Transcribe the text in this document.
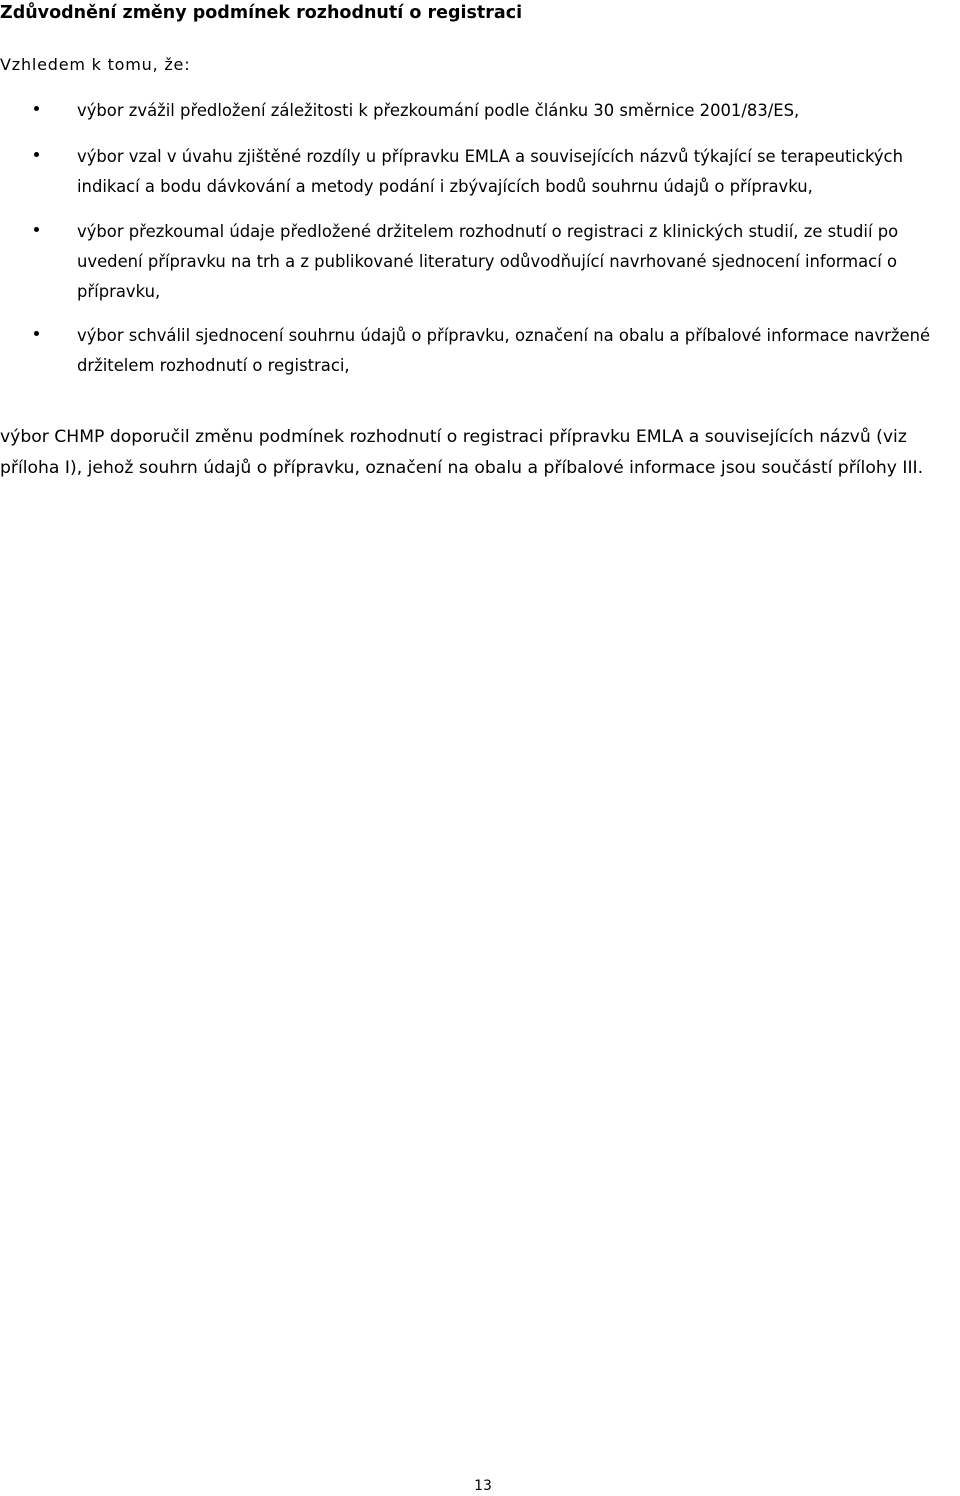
Zdůvodnění změny podmínek rozhodnutí o registraci

Vzhledem k tomu, že:

výbor zvážil předložení záležitosti k přezkoumání podle článku 30 směrnice 2001/83/ES,
výbor vzal v úvahu zjištěné rozdíly u přípravku EMLA a souvisejících názvů týkající se terapeutických indikací a bodu dávkování a metody podání i zbývajících bodů souhrnu údajů o přípravku,
výbor přezkoumal údaje předložené držitelem rozhodnutí o registraci z klinických studií, ze studií po uvedení přípravku na trh a z publikované literatury odůvodňující navrhované sjednocení informací o přípravku,
výbor schválil sjednocení souhrnu údajů o přípravku, označení na obalu a příbalové informace navržené držitelem rozhodnutí o registraci,

výbor CHMP doporučil změnu podmínek rozhodnutí o registraci přípravku EMLA a souvisejících názvů (viz příloha I), jehož souhrn údajů o přípravku, označení na obalu a příbalové informace jsou součástí přílohy III.

13
